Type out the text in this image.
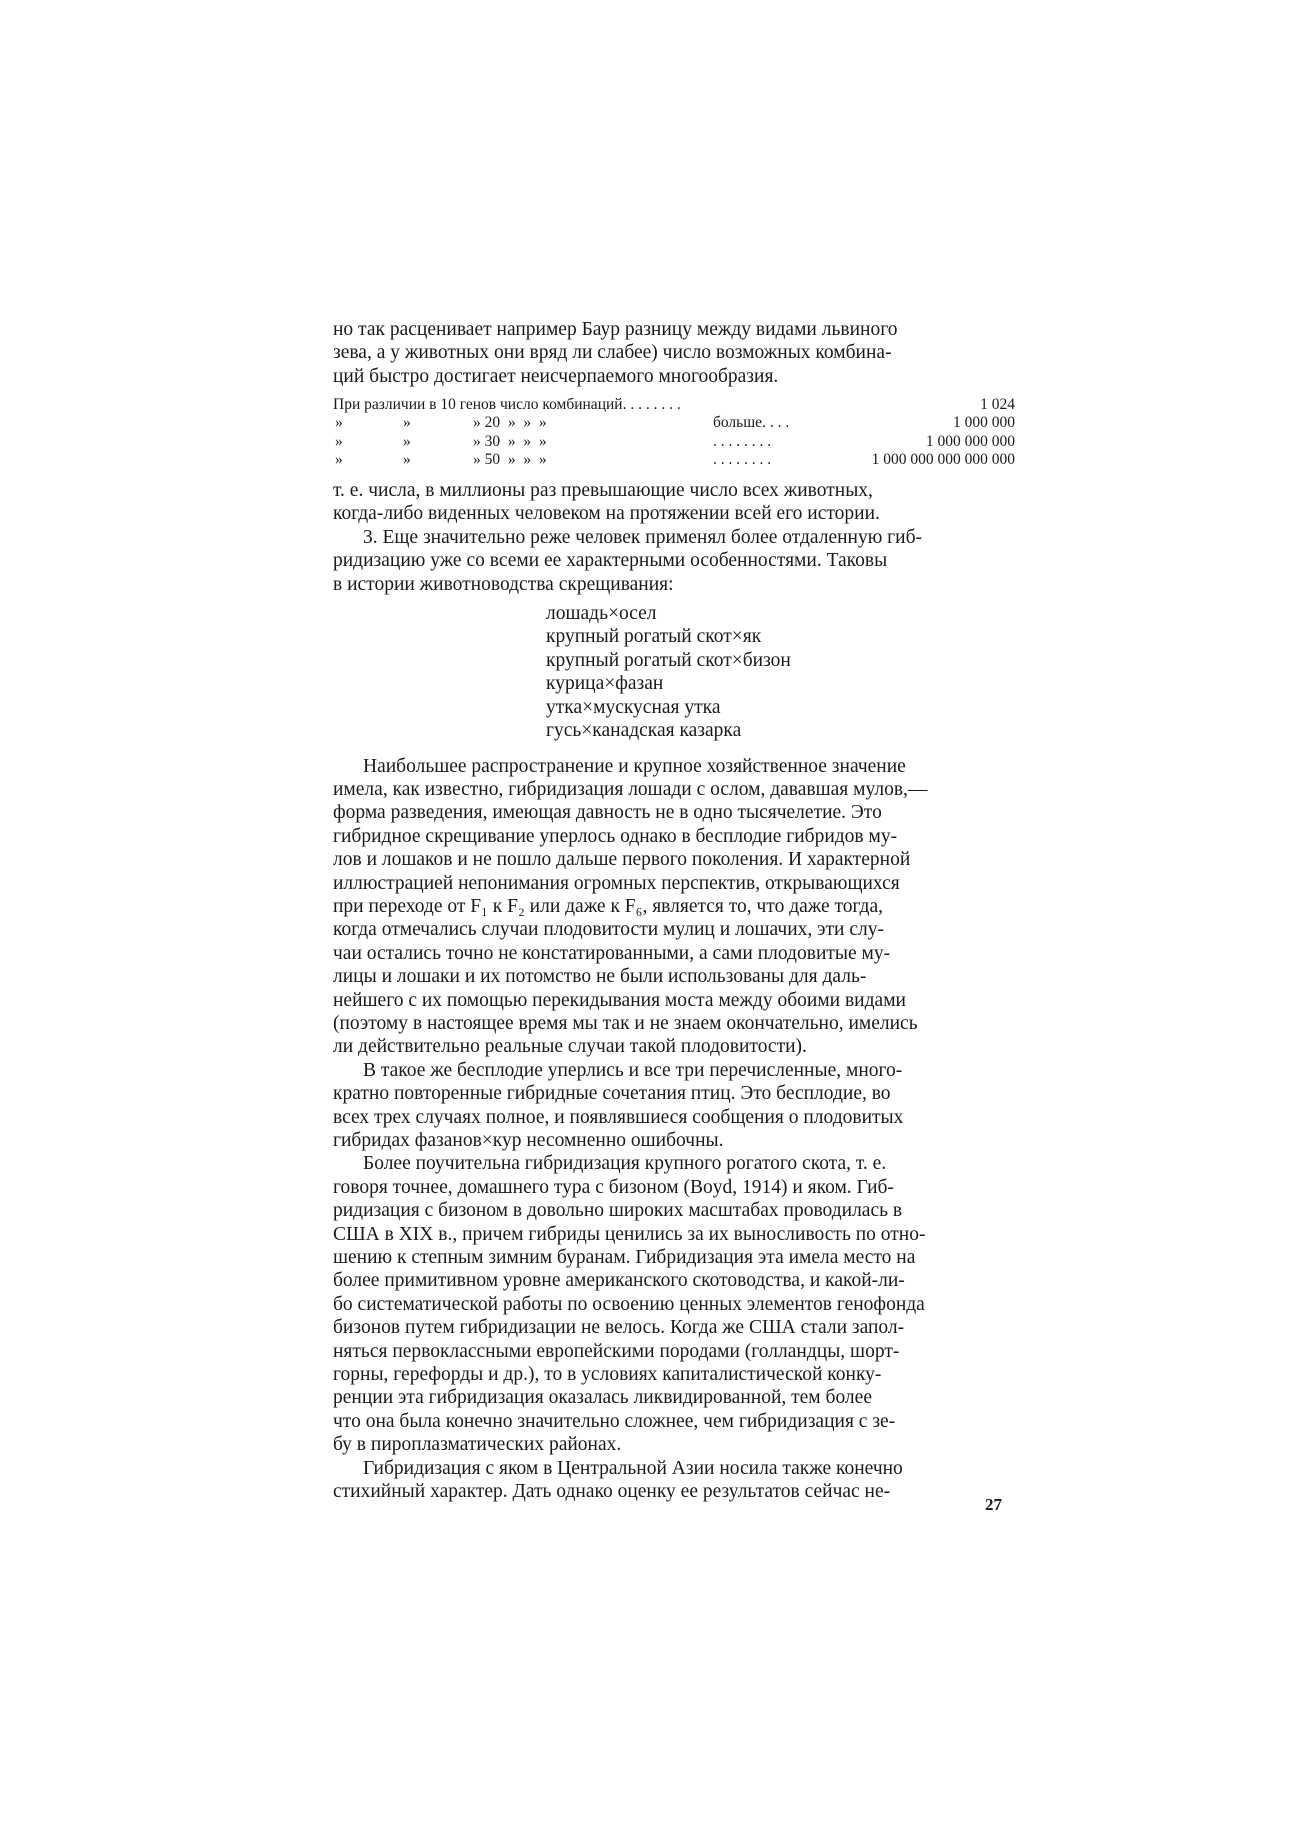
но так расценивает например Баур разницу между видами львиного
зева, а у животных они вряд ли слабее) число возможных комбина-
ций быстро достигает неисчерпаемого многообразия.

При различии в 10 генов число комбинаций . . . . . . . .	1 024
»	»	» 20  »  »  »	больше . . . .	1 000 000
»	»	» 30  »  »  »	. . . . . . . .	1 000 000 000
»	»	» 50  »  »  »	. . . . . . . .	1 000 000 000 000 000

т. е. числа, в миллионы раз превышающие число всех животных,
когда-либо виденных человеком на протяжении всей его истории.

3. Еще значительно реже человек применял более отдаленную гиб-
ридизацию уже со всеми ее характерными особенностями. Таковы
в истории животноводства скрещивания:

лошадь×осел
крупный рогатый скот×як
крупный рогатый скот×бизон
курица×фазан
утка×мускусная утка
гусь×канадская казарка

Наибольшее распространение и крупное хозяйственное значение
имела, как известно, гибридизация лошади с ослом, дававшая мулов,—
форма разведения, имеющая давность не в одно тысячелетие. Это
гибридное скрещивание уперлось однако в бесплодие гибридов му-
лов и лошаков и не пошло дальше первого поколения. И характерной
иллюстрацией непонимания огромных перспектив, открывающихся
при переходе от F₁ к F₂ или даже к F₆, является то, что даже тогда,
когда отмечались случаи плодовитости мулиц и лошачих, эти слу-
чаи остались точно не констатированными, а сами плодовитые му-
лицы и лошаки и их потомство не были использованы для даль-
нейшего с их помощью перекидывания моста между обоими видами
(поэтому в настоящее время мы так и не знаем окончательно, имелись
ли действительно реальные случаи такой плодовитости).

В такое же бесплодие уперлись и все три перечисленные, много-
кратно повторенные гибридные сочетания птиц. Это бесплодие, во
всех трех случаях полное, и появлявшиеся сообщения о плодовитых
гибридах фазанов×кур несомненно ошибочны.

Более поучительна гибридизация крупного рогатого скота, т. е.
говоря точнее, домашнего тура с бизоном (Boyd, 1914) и яком. Гиб-
ридизация с бизоном в довольно широких масштабах проводилась в
США в XIX в., причем гибриды ценились за их выносливость по отно-
шению к степным зимним буранам. Гибридизация эта имела место на
более примитивном уровне американского скотоводства, и какой-ли-
бо систематической работы по освоению ценных элементов генофонда
бизонов путем гибридизации не велось. Когда же США стали запол-
няться первоклассными европейскими породами (голландцы, шорт-
горны, герефорды и др.), то в условиях капиталистической конку-
ренции эта гибридизация оказалась ликвидированной, тем более
что она была конечно значительно сложнее, чем гибридизация с зе-
бу в пироплазматических районах.

Гибридизация с яком в Центральной Азии носила также конечно
стихийный характер. Дать однако оценку ее результатов сейчас не-

27
